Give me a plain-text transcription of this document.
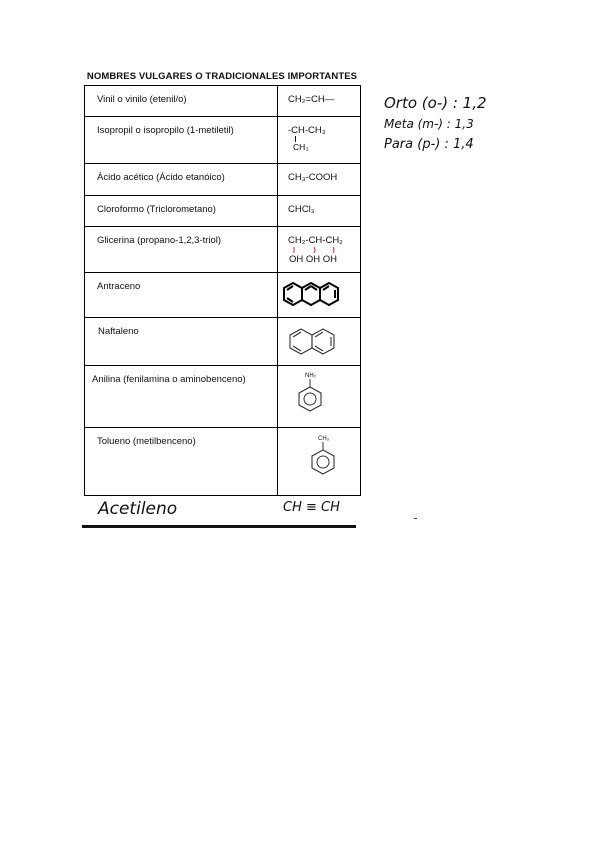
NOMBRES VULGARES O TRADICIONALES IMPORTANTES
Vinil o vinilo (etenil/o)	CH₂=CH—

Isopropil o isopropilo (1-metiletil)	-CH-CH₃
CH₃

Ácido acético (Ácido etanóico)	CH₃-COOH

Cloroformo (Triclorometano)	CHCl₃

Glicerina (propano-1,2,3-triol)	CH₂-CH-CH₂
OH OH OH

Antraceno

Naftaleno

Anilina (fenilamina o aminobenceno)	NH₂

Tolueno (metilbenceno)	CH₃
Orto (o-) : 1,2
Meta (m-) : 1,3
Para (p-) : 1,4
Acetileno	CH ≡ CH
